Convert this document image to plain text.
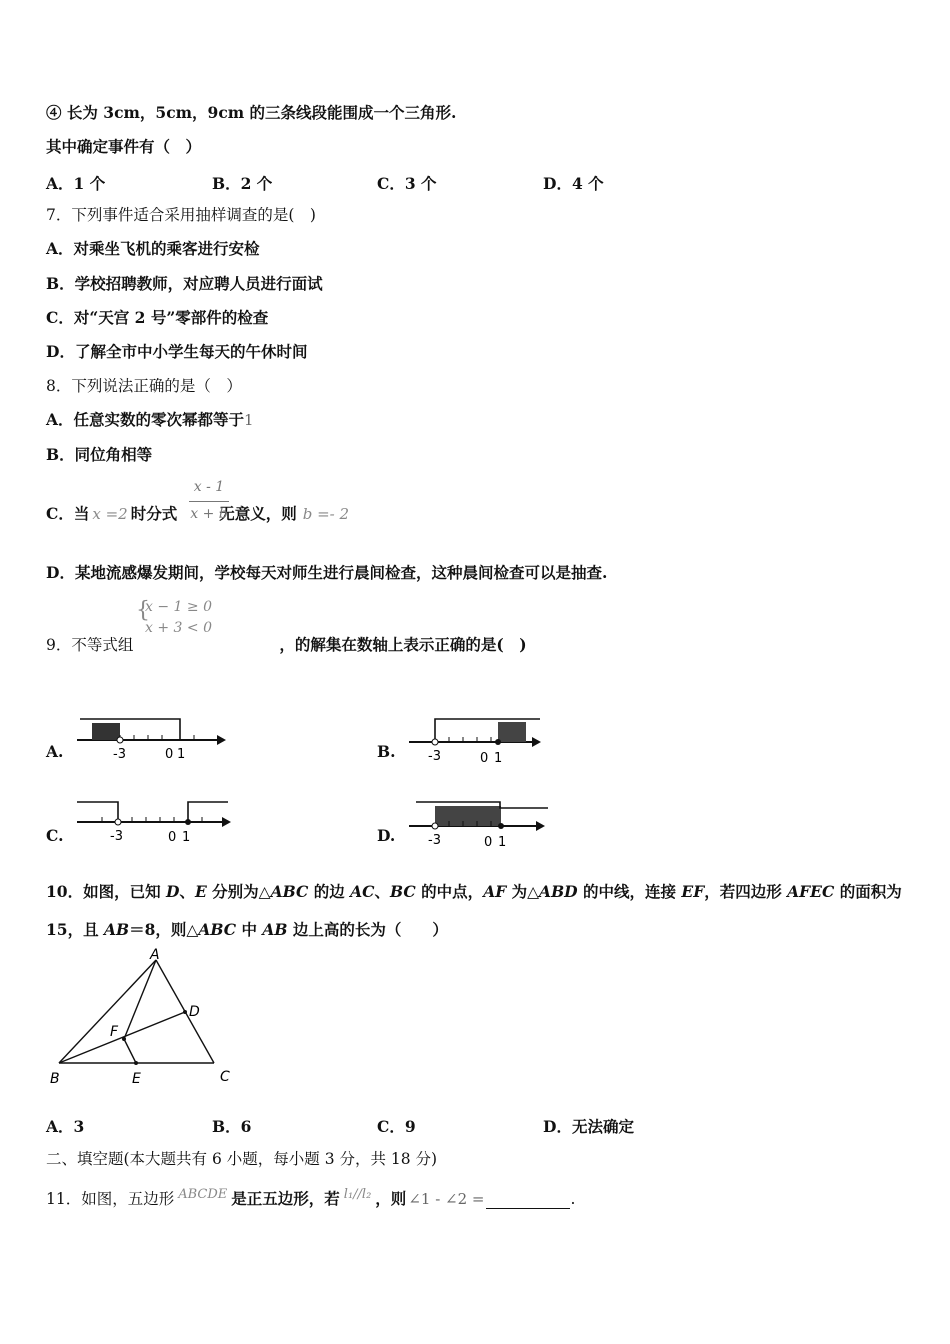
④ 长为 3cm，5cm，9cm 的三条线段能围成一个三角形.
其中确定事件有（　）
A．1 个	B．2 个	C．3 个	D．4 个
7．下列事件适合采用抽样调查的是(　)
A．对乘坐飞机的乘客进行安检
B．学校招聘教师，对应聘人员进行面试
C．对“天宫 2 号”零部件的检查
D．了解全市中小学生每天的午休时间
8．下列说法正确的是（　）
A．任意实数的零次幂都等于1
B．同位角相等
C．当 x =2 时分式	无意义，则 b =- 2
x - 1
x + b
D．某地流感爆发期间，学校每天对师生进行晨间检查，这种晨间检查可以是抽查.
9．不等式组	，的解集在数轴上表示正确的是(　)
{
x − 1 ≥ 0
x + 3 < 0
A.	B.
C.	D.
-3	0 1	-3	0 1
-3	0 1	-3	0 1
10．如图，已知 D、E 分别为△ABC 的边 AC、BC 的中点，AF 为△ABD 的中线，连接 EF，若四边形 AFEC 的面积为
15，且 AB＝8，则△ABC 中 AB 边上高的长为（　　）
A
B	C
D
E
F
A．3	B．6	C．9	D．无法确定
二、填空题(本大题共有 6 小题，每小题 3 分，共 18 分)
11．如图，五边形 $^{ABCDE}$ 是正五边形，若 $^{l_1//l_2}$ ，则 ∠1 - ∠2 =	.
